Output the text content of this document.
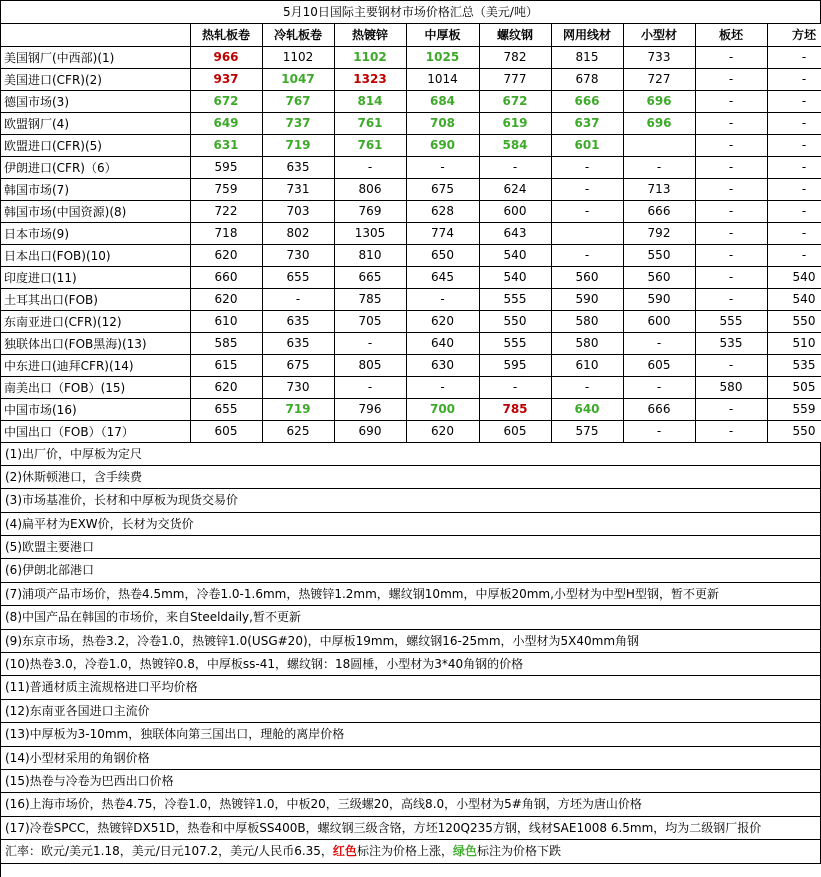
5月10日国际主要钢材市场价格汇总（美元/吨）
	热轧板卷	冷轧板卷	热镀锌	中厚板	螺纹钢	网用线材	小型材	板坯	方坯
美国钢厂(中西部)(1)	966	1102	1102	1025	782	815	733	-	-
美国进口(CFR)(2)	937	1047	1323	1014	777	678	727	-	-
德国市场(3)	672	767	814	684	672	666	696	-	-
欧盟钢厂(4)	649	737	761	708	619	637	696	-	-
欧盟进口(CFR)(5)	631	719	761	690	584	601		-	-
伊朗进口(CFR)（6）	595	635	-	-	-	-	-	-	-
韩国市场(7)	759	731	806	675	624	-	713	-	-
韩国市场(中国资源)(8)	722	703	769	628	600	-	666	-	-
日本市场(9)	718	802	1305	774	643		792	-	-
日本出口(FOB)(10)	620	730	810	650	540	-	550	-	-
印度进口(11)	660	655	665	645	540	560	560	-	540
土耳其出口(FOB)	620	-	785	-	555	590	590	-	540
东南亚进口(CFR)(12)	610	635	705	620	550	580	600	555	550
独联体出口(FOB黑海)(13)	585	635	-	640	555	580	-	535	510
中东进口(迪拜CFR)(14)	615	675	805	630	595	610	605	-	535
南美出口（FOB）(15)	620	730	-	-	-	-	-	580	505
中国市场(16)	655	719	796	700	785	640	666	-	559
中国出口（FOB）（17）	605	625	690	620	605	575	-	-	550
(1)出厂价，中厚板为定尺
(2)休斯顿港口，含手续费
(3)市场基准价，长材和中厚板为现货交易价
(4)扁平材为EXW价，长材为交货价
(5)欧盟主要港口
(6)伊朗北部港口
(7)浦项产品市场价，热卷4.5mm，冷卷1.0-1.6mm，热镀锌1.2mm，螺纹钢10mm，中厚板20mm,小型材为中型H型钢，暂不更新
(8)中国产品在韩国的市场价，来自Steeldaily,暂不更新
(9)东京市场，热卷3.2，冷卷1.0，热镀锌1.0(USG#20)，中厚板19mm，螺纹钢16-25mm，小型材为5X40mm角钢
(10)热卷3.0，冷卷1.0，热镀锌0.8，中厚板ss-41，螺纹钢：18圆棰，小型材为3*40角钢的价格
(11)普通材质主流规格进口平均价格
(12)东南亚各国进口主流价
(13)中厚板为3-10mm，独联体向第三国出口，理舱的离岸价格
(14)小型材采用的角钢价格
(15)热卷与冷卷为巴西出口价格
(16)上海市场价，热卷4.75，冷卷1.0，热镀锌1.0，中板20，三级螺20，高线8.0，小型材为5#角钢，方坯为唐山价格
(17)冷卷SPCC，热镀锌DX51D，热卷和中厚板SS400B，螺纹钢三级含铬，方坯120Q235方钢，线材SAE1008 6.5mm，均为二级钢厂报价
汇率：欧元/美元1.18，美元/日元107.2，美元/人民币6.35，红色标注为价格上涨，绿色标注为价格下跌
